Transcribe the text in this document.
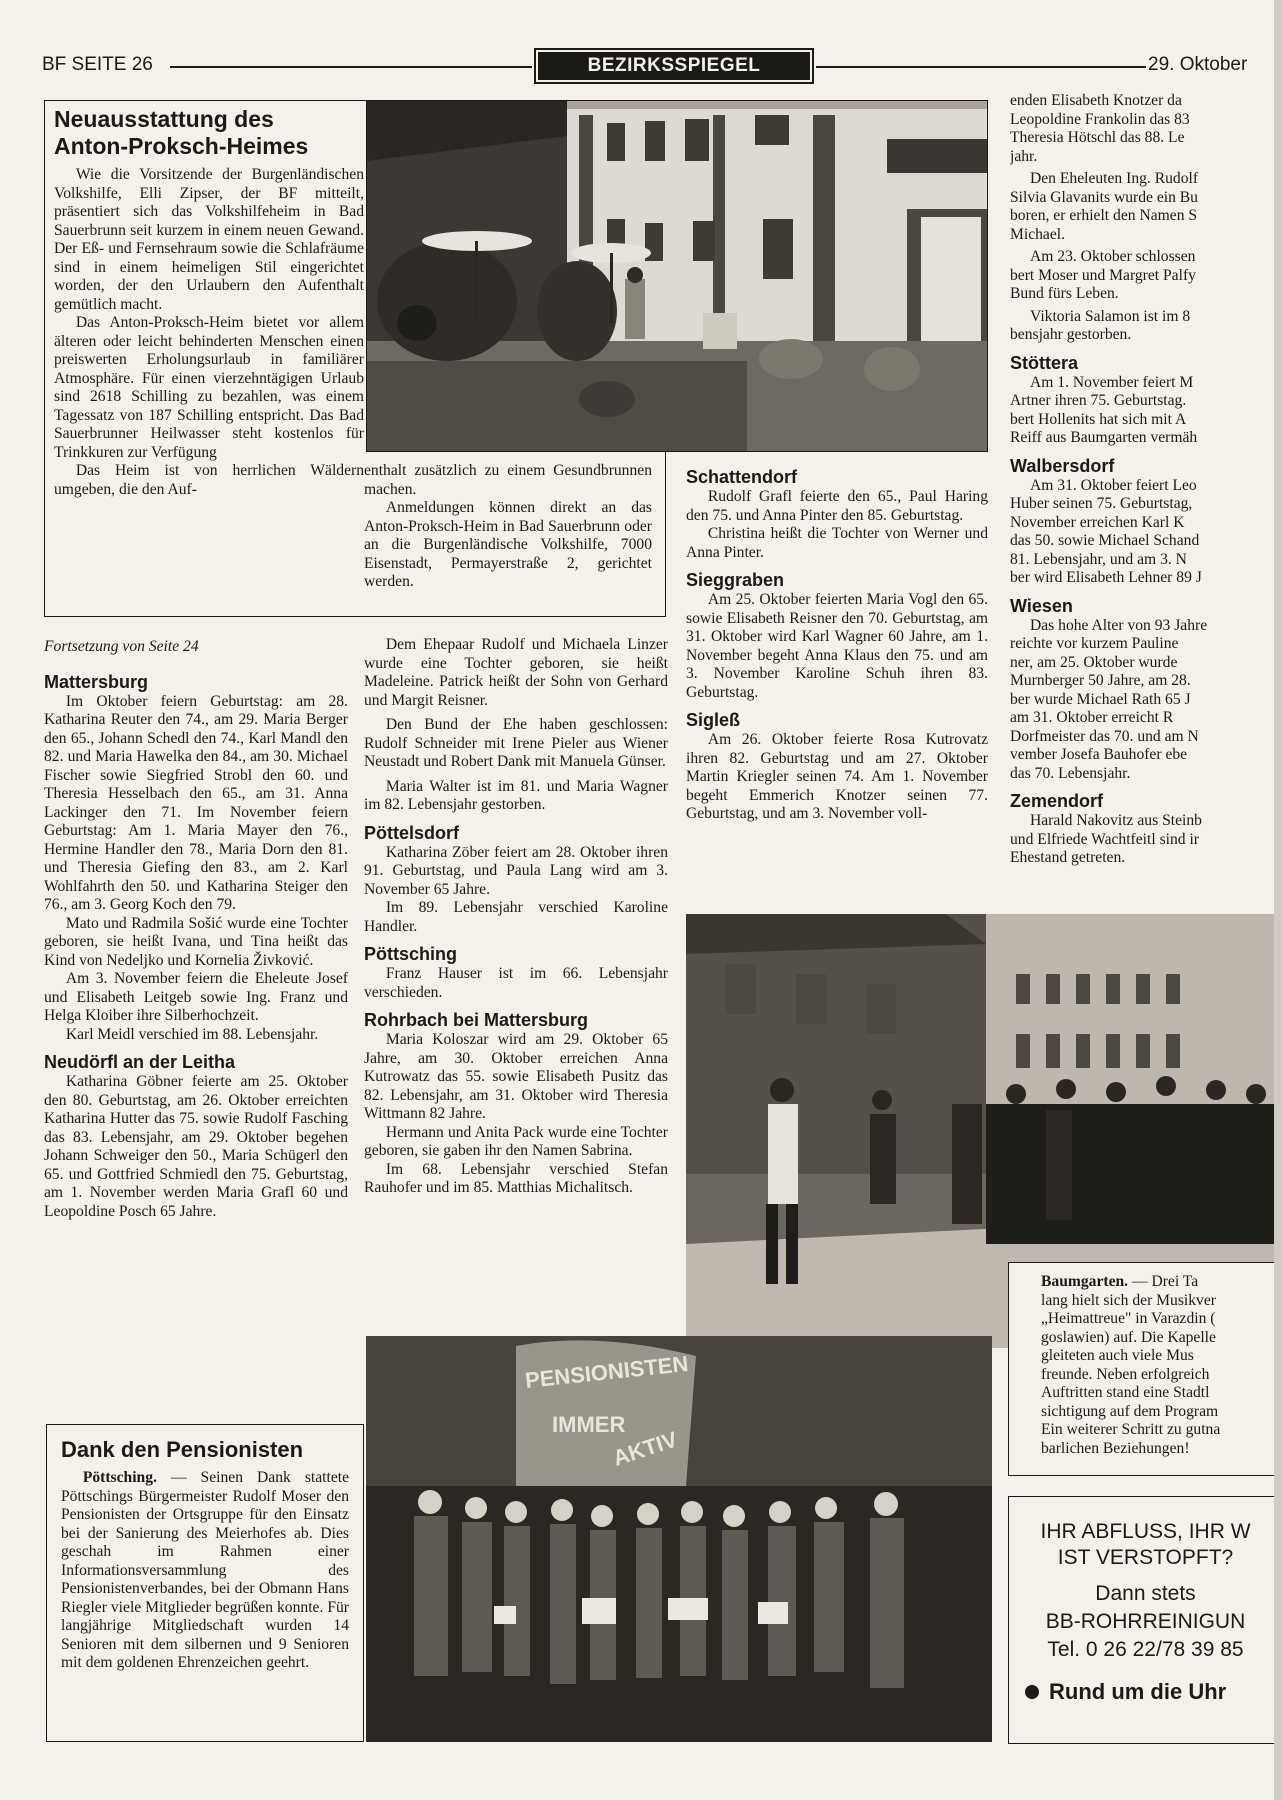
BF SEITE 26	BEZIRKSSPIEGEL	29. Oktober
Neuausstattung des
Anton-Proksch-Heimes

Wie die Vorsitzende der Burgenländischen Volkshilfe, Elli Zipser, der BF mitteilt, präsentiert sich das Volkshilfeheim in Bad Sauerbrunn seit kurzem in einem neuen Gewand. Der Eß- und Fernsehraum sowie die Schlafräume sind in einem heimeligen Stil eingerichtet worden, der den Urlaubern den Aufenthalt gemütlich macht.

Das Anton-Proksch-Heim bietet vor allem älteren oder leicht behinderten Menschen einen preiswerten Erholungsurlaub in familiärer Atmosphäre. Für einen vierzehntägigen Urlaub sind 2618 Schilling zu bezahlen, was einem Tagessatz von 187 Schilling entspricht. Das Bad Sauerbrunner Heilwasser steht kostenlos für Trinkkuren zur Verfügung

Das Heim ist von herrlichen Wäldern umgeben, die den Auf-

enthalt zusätzlich zu einem Gesundbrunnen machen.

Anmeldungen können direkt an das Anton-Proksch-Heim in Bad Sauerbrunn oder an die Burgenländische Volkshilfe, 7000 Eisenstadt, Permayerstraße 2, gerichtet werden.

Fortsetzung von Seite 24

Mattersburg

Im Oktober feiern Geburtstag: am 28. Katharina Reuter den 74., am 29. Maria Berger den 65., Johann Schedl den 74., Karl Mandl den 82. und Maria Hawelka den 84., am 30. Michael Fischer sowie Siegfried Strobl den 60. und Theresia Hesselbach den 65., am 31. Anna Lackinger den 71. Im November feiern Geburtstag: Am 1. Maria Mayer den 76., Hermine Handler den 78., Maria Dorn den 81. und Theresia Giefing den 83., am 2. Karl Wohlfahrth den 50. und Katharina Steiger den 76., am 3. Georg Koch den 79.

Mato und Radmila Sošić wurde eine Tochter geboren, sie heißt Ivana, und Tina heißt das Kind von Nedeljko und Kornelia Živković.

Am 3. November feiern die Eheleute Josef und Elisabeth Leitgeb sowie Ing. Franz und Helga Kloiber ihre Silberhochzeit.

Karl Meidl verschied im 88. Lebensjahr.

Neudörfl an der Leitha

Katharina Göbner feierte am 25. Oktober den 80. Geburtstag, am 26. Oktober erreichten Katharina Hutter das 75. sowie Rudolf Fasching das 83. Lebensjahr, am 29. Oktober begehen Johann Schweiger den 50., Maria Schügerl den 65. und Gottfried Schmiedl den 75. Geburtstag, am 1. November werden Maria Grafl 60 und Leopoldine Posch 65 Jahre.

Dem Ehepaar Rudolf und Michaela Linzer wurde eine Tochter geboren, sie heißt Madeleine. Patrick heißt der Sohn von Gerhard und Margit Reisner.

Den Bund der Ehe haben geschlossen: Rudolf Schneider mit Irene Pieler aus Wiener Neustadt und Robert Dank mit Manuela Günser.

Maria Walter ist im 81. und Maria Wagner im 82. Lebensjahr gestorben.

Pöttelsdorf

Katharina Zöber feiert am 28. Oktober ihren 91. Geburtstag, und Paula Lang wird am 3. November 65 Jahre.

Im 89. Lebensjahr verschied Karoline Handler.

Pöttsching

Franz Hauser ist im 66. Lebensjahr verschieden.

Rohrbach bei Mattersburg

Maria Koloszar wird am 29. Oktober 65 Jahre, am 30. Oktober erreichen Anna Kutrowatz das 55. sowie Elisabeth Pusitz das 82. Lebensjahr, am 31. Oktober wird Theresia Wittmann 82 Jahre.

Hermann und Anita Pack wurde eine Tochter geboren, sie gaben ihr den Namen Sabrina.

Im 68. Lebensjahr verschied Stefan Rauhofer und im 85. Matthias Michalitsch.

Schattendorf

Rudolf Grafl feierte den 65., Paul Haring den 75. und Anna Pinter den 85. Geburtstag.

Christina heißt die Tochter von Werner und Anna Pinter.

Sieggraben

Am 25. Oktober feierten Maria Vogl den 65. sowie Elisabeth Reisner den 70. Geburtstag, am 31. Oktober wird Karl Wagner 60 Jahre, am 1. November begeht Anna Klaus den 75. und am 3. November Karoline Schuh ihren 83. Geburtstag.

Sigleß

Am 26. Oktober feierte Rosa Kutrovatz ihren 82. Geburtstag und am 27. Oktober Martin Kriegler seinen 74. Am 1. November begeht Emmerich Knotzer seinen 77. Geburtstag, und am 3. November voll-

enden Elisabeth Knotzer da
Leopoldine Frankolin das 83
Theresia Hötschl das 88. Le
jahr.
Den Eheleuten Ing. Rudolf
Silvia Glavanits wurde ein Bu
boren, er erhielt den Namen S
Michael.
Am 23. Oktober schlossen
bert Moser und Margret Palfy
Bund fürs Leben.
Viktoria Salamon ist im 8
bensjahr gestorben.
Stöttera
Am 1. November feiert M
Artner ihren 75. Geburtstag.
bert Hollenits hat sich mit A
Reiff aus Baumgarten vermäh
Walbersdorf
Am 31. Oktober feiert Leo
Huber seinen 75. Geburtstag,
November erreichen Karl K
das 50. sowie Michael Schand
81. Lebensjahr, und am 3. N
ber wird Elisabeth Lehner 89 J
Wiesen
Das hohe Alter von 93 Jahre
reichte vor kurzem Pauline
ner, am 25. Oktober wurde
Murnberger 50 Jahre, am 28.
ber wurde Michael Rath 65 J
am 31. Oktober erreicht R
Dorfmeister das 70. und am N
vember Josefa Bauhofer ebe
das 70. Lebensjahr.
Zemendorf
Harald Nakovitz aus Steinb
und Elfriede Wachtfeitl sind ir
Ehestand getreten.
Baumgarten. — Drei Ta
lang hielt sich der Musikver
„Heimattreue" in Varazdin (
goslawien) auf. Die Kapelle
gleiteten auch viele Mus
freunde. Neben erfolgreich
Auftritten stand eine Stadtl
sichtigung auf dem Program
Ein weiterer Schritt zu gutna
barlichen Beziehungen!
Dank den Pensionisten

Pöttsching. — Seinen Dank stattete Pöttschings Bürgermeister Rudolf Moser den Pensionisten der Ortsgruppe für den Einsatz bei der Sanierung des Meierhofes ab. Dies geschah im Rahmen einer Informationsversammlung des Pensionistenverbandes, bei der Obmann Hans Riegler viele Mitglieder begrüßen konnte. Für langjährige Mitgliedschaft wurden 14 Senioren mit dem silbernen und 9 Senioren mit dem goldenen Ehrenzeichen geehrt.

PENSIONISTEN
IMMER
AKTIV
IHR ABFLUSS, IHR W
IST VERSTOPFT?
Dann stets
BB-ROHRREINIGUN
Tel. 0 26 22/78 39 85
Rund um die Uhr
